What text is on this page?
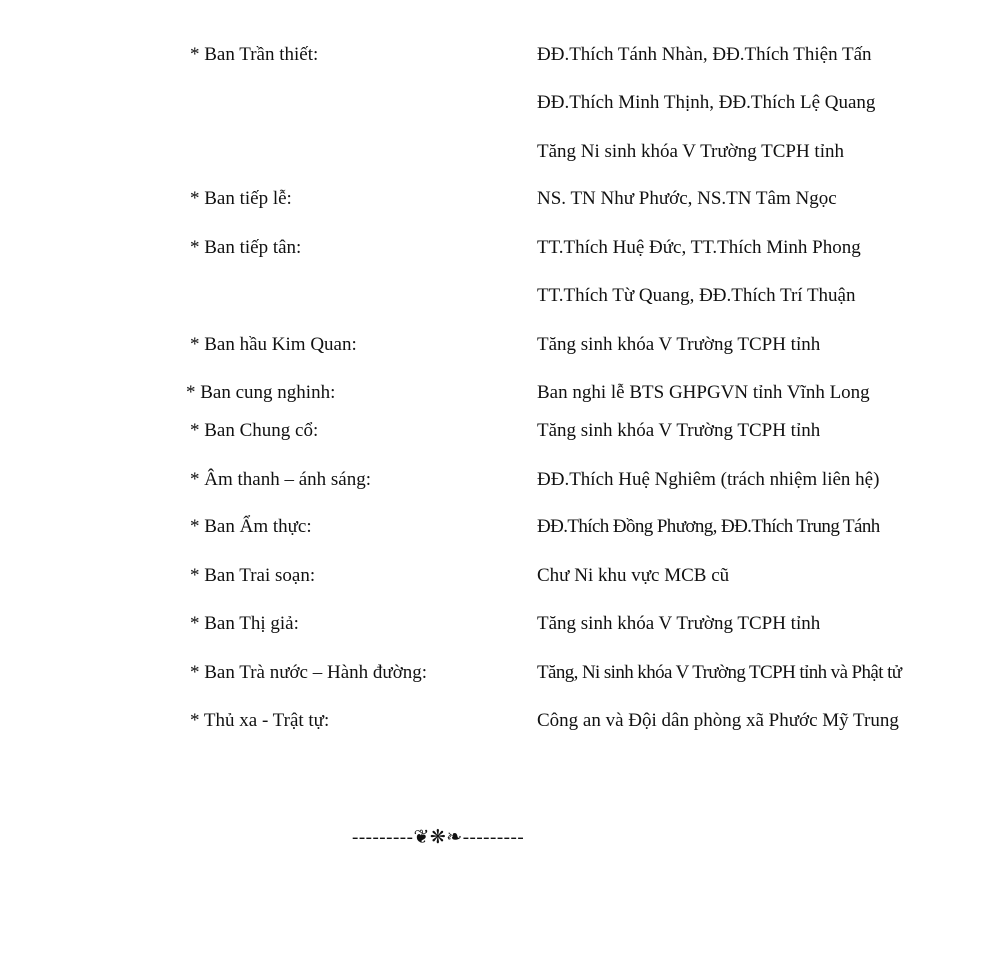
* Ban Trần thiết:	ĐĐ.Thích Tánh Nhàn, ĐĐ.Thích Thiện Tấn
ĐĐ.Thích Minh Thịnh, ĐĐ.Thích Lệ Quang
Tăng Ni sinh khóa V Trường TCPH tỉnh
* Ban tiếp lễ:	NS. TN Như Phước, NS.TN Tâm Ngọc
* Ban tiếp tân:	TT.Thích Huệ Đức, TT.Thích Minh Phong
TT.Thích Từ Quang, ĐĐ.Thích Trí Thuận
* Ban hầu Kim Quan:	Tăng sinh khóa V Trường TCPH tỉnh
* Ban cung nghinh:	Ban nghi lễ BTS GHPGVN tỉnh Vĩnh Long
* Ban Chung cổ:	Tăng sinh khóa V Trường TCPH tỉnh
* Âm thanh – ánh sáng:	ĐĐ.Thích Huệ Nghiêm (trách nhiệm liên hệ)
* Ban Ẩm thực:	ĐĐ.Thích Đồng Phương, ĐĐ.Thích Trung Tánh
* Ban Trai soạn:	Chư Ni khu vực MCB cũ
* Ban Thị giả:	Tăng sinh khóa V Trường TCPH tỉnh
* Ban Trà nước – Hành đường:	Tăng, Ni sinh khóa V Trường TCPH tỉnh và Phật tử
* Thủ xa - Trật tự:	Công an và Đội dân phòng xã Phước Mỹ Trung
---------❦❋❧---------
